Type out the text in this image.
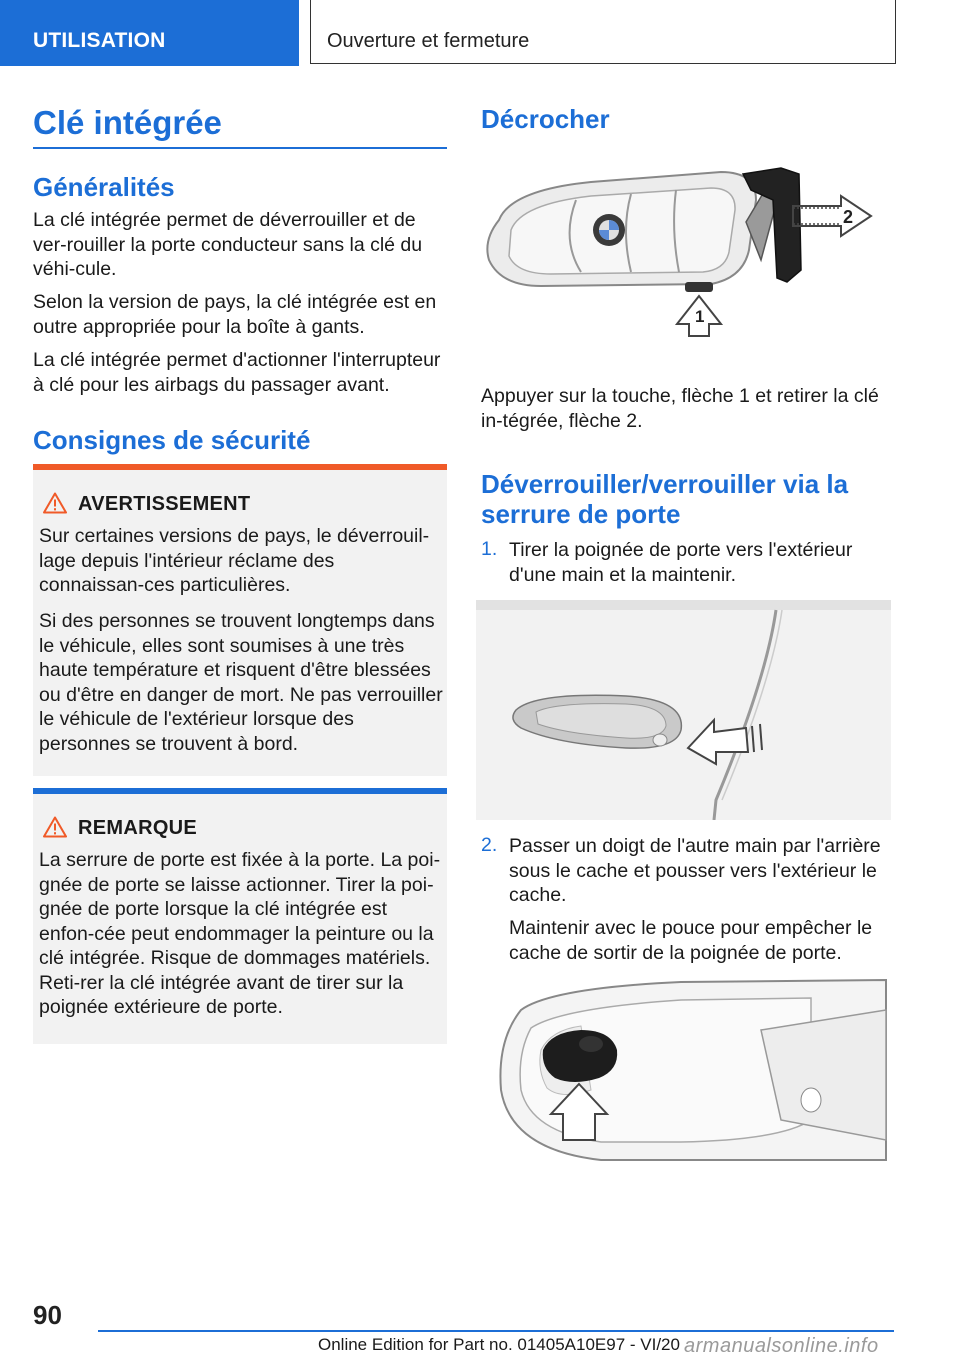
UTILISATION	Ouverture et fermeture
Clé intégrée
Généralités
La clé intégrée permet de déverrouiller et de ver‐rouiller la porte conducteur sans la clé du véhi‐cule.
Selon la version de pays, la clé intégrée est en outre appropriée pour la boîte à gants.
La clé intégrée permet d'actionner l'interrupteur à clé pour les airbags du passager avant.
Consignes de sécurité
AVERTISSEMENT
Sur certaines versions de pays, le déverrouil‐lage depuis l'intérieur réclame des connaissan‐ces particulières.
Si des personnes se trouvent longtemps dans le véhicule, elles sont soumises à une très haute température et risquent d'être blessées ou d'être en danger de mort. Ne pas verrouiller le véhicule de l'extérieur lorsque des personnes se trouvent à bord.
REMARQUE
La serrure de porte est fixée à la porte. La poi‐gnée de porte se laisse actionner. Tirer la poi‐gnée de porte lorsque la clé intégrée est enfon‐cée peut endommager la peinture ou la clé intégrée. Risque de dommages matériels. Reti‐rer la clé intégrée avant de tirer sur la poignée extérieure de porte.
Décrocher
2
1
Appuyer sur la touche, flèche 1 et retirer la clé in‐tégrée, flèche 2.
Déverrouiller/verrouiller via la
serrure de porte
1. Tirer la poignée de porte vers l'extérieur d'une main et la maintenir.
2. Passer un doigt de l'autre main par l'arrière sous le cache et pousser vers l'extérieur le cache.
Maintenir avec le pouce pour empêcher le cache de sortir de la poignée de porte.
90
Online Edition for Part no. 01405A10E97 - VI/20 armanualsonline.info
